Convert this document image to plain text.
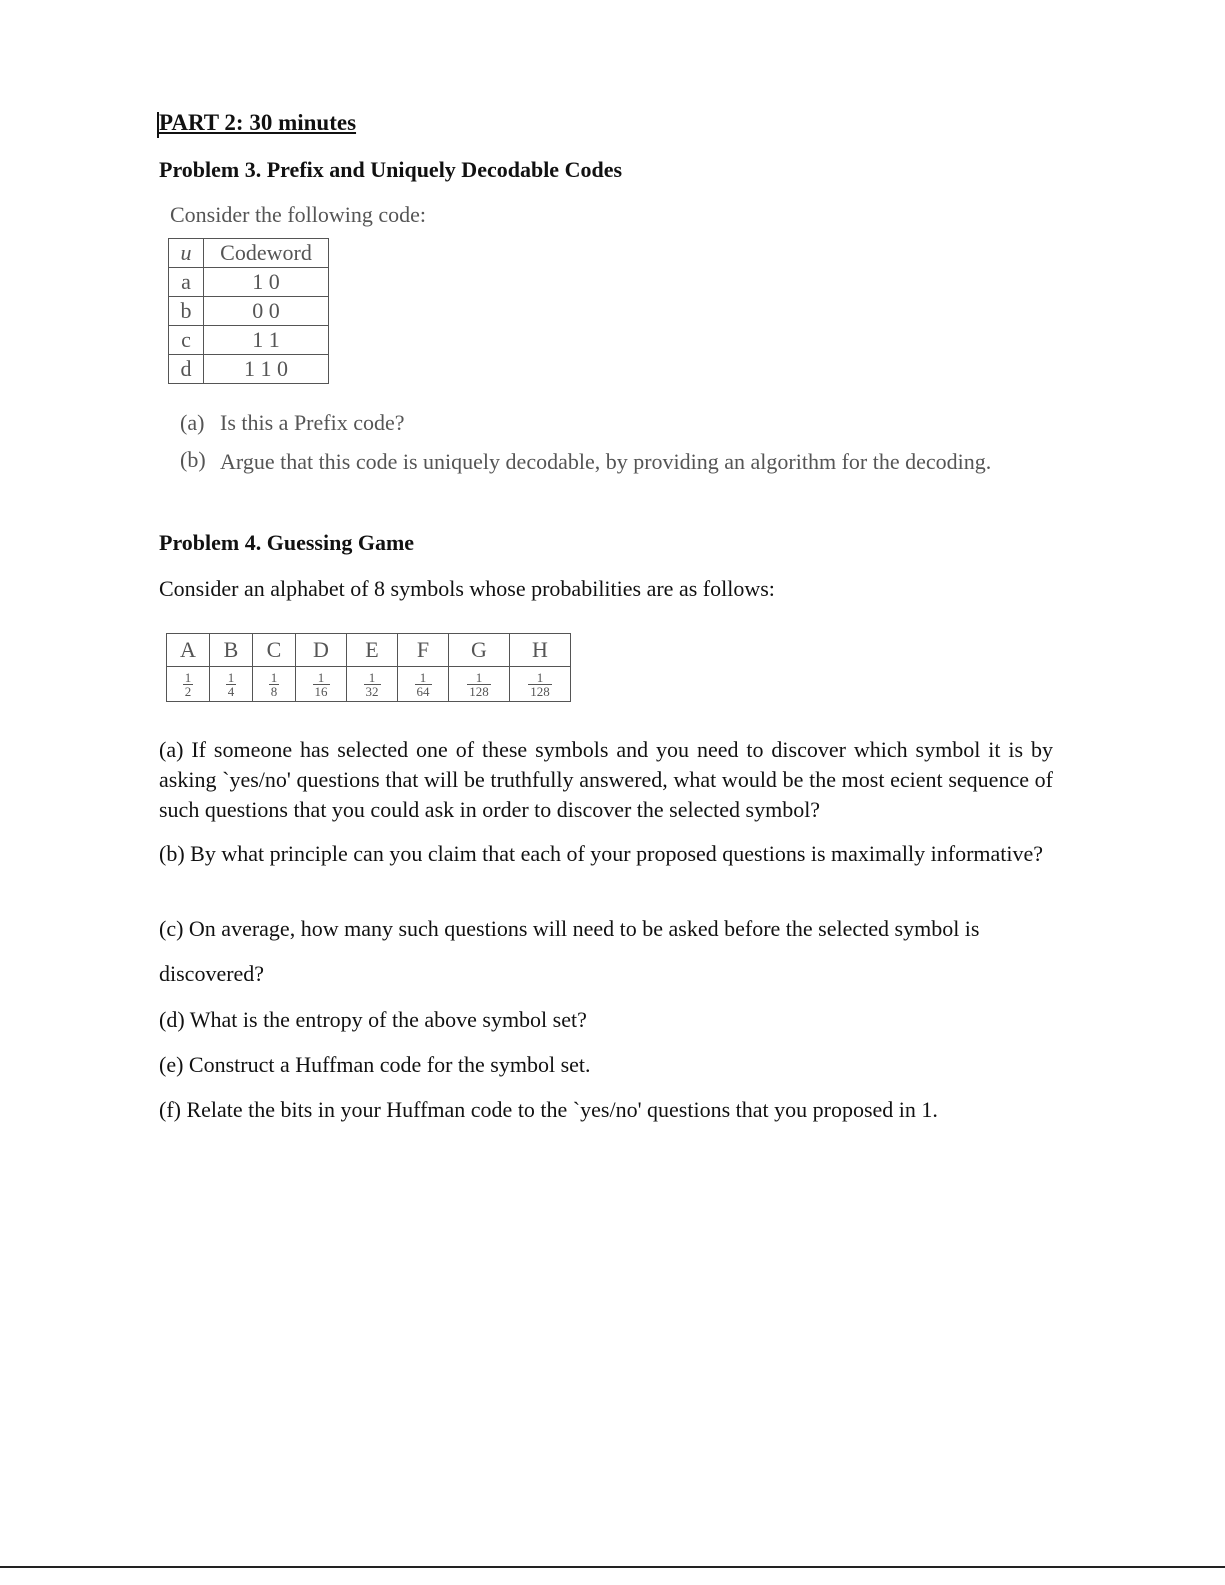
PART 2: 30 minutes
Problem 3. Prefix and Uniquely Decodable Codes
Consider the following code:
u	Codeword
a	1 0
b	0 0
c	1 1
d	1 1 0
(a) Is this a Prefix code?
(b) Argue that this code is uniquely decodable, by providing an algorithm for the decoding.
Problem 4. Guessing Game
Consider an alphabet of 8 symbols whose probabilities are as follows:
A	B	C	D	E	F	G	H

$\frac{1}{2}$	$\frac{1}{4}$	$\frac{1}{8}$	$\frac{1}{16}$	$\frac{1}{32}$	$\frac{1}{64}$	$\frac{1}{128}$	$\frac{1}{128}$
(a) If someone has selected one of these symbols and you need to discover which symbol it is by asking `yes/no' questions that will be truthfully answered, what would be the most ecient sequence of such questions that you could ask in order to discover the selected symbol?
(b) By what principle can you claim that each of your proposed questions is maximally informative?
(c) On average, how many such questions will need to be asked before the selected symbol is
discovered?
(d) What is the entropy of the above symbol set?
(e) Construct a Huffman code for the symbol set.
(f) Relate the bits in your Huffman code to the `yes/no' questions that you proposed in 1.
